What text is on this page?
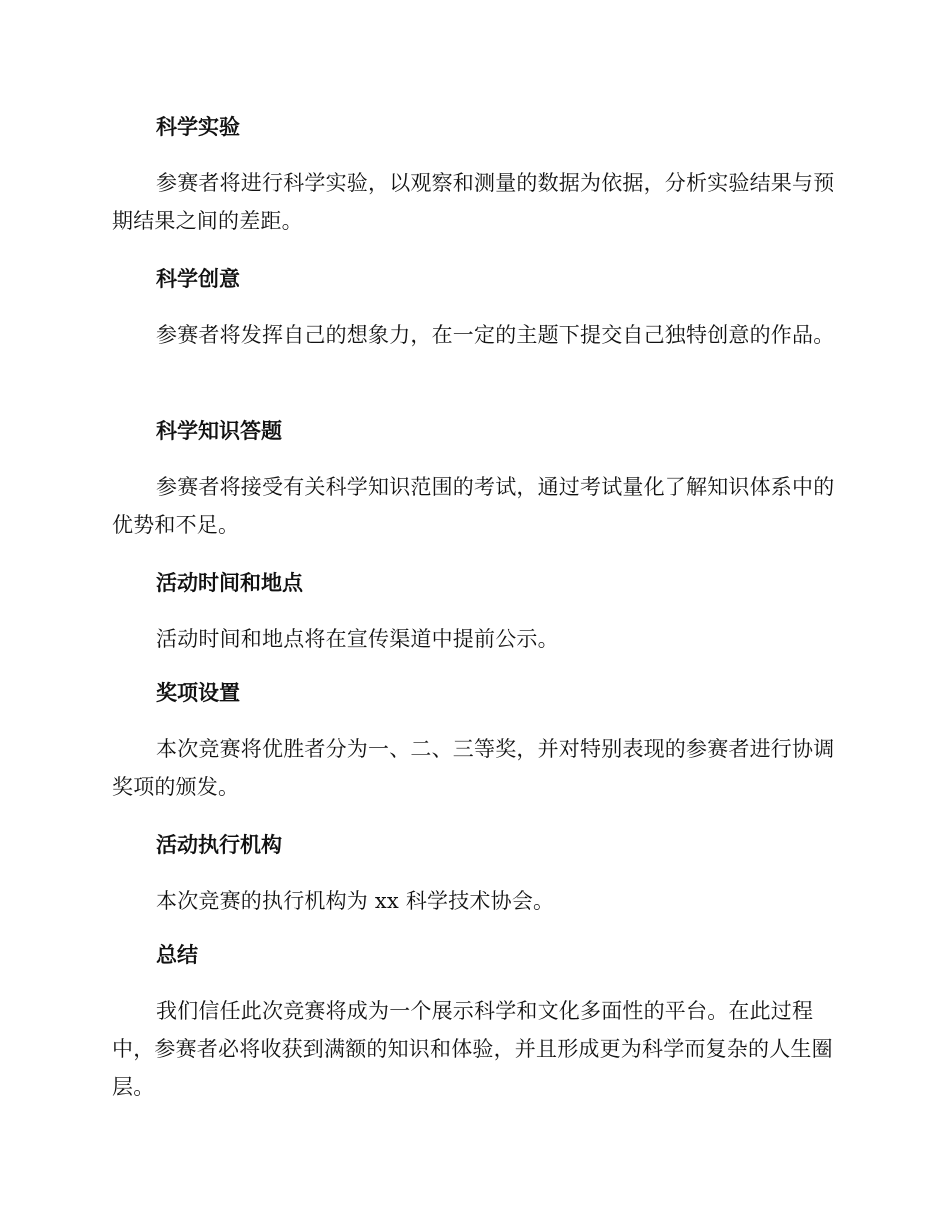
科学实验

参赛者将进行科学实验，以观察和测量的数据为依据，分析实验结果与预期结果之间的差距。

科学创意

参赛者将发挥自己的想象力，在一定的主题下提交自己独特创意的作品。

科学知识答题

参赛者将接受有关科学知识范围的考试，通过考试量化了解知识体系中的优势和不足。

活动时间和地点

活动时间和地点将在宣传渠道中提前公示。

奖项设置

本次竞赛将优胜者分为一、二、三等奖，并对特别表现的参赛者进行协调奖项的颁发。

活动执行机构

本次竞赛的执行机构为 xx 科学技术协会。

总结

我们信任此次竞赛将成为一个展示科学和文化多面性的平台。在此过程中，参赛者必将收获到满额的知识和体验，并且形成更为科学而复杂的人生圈层。
